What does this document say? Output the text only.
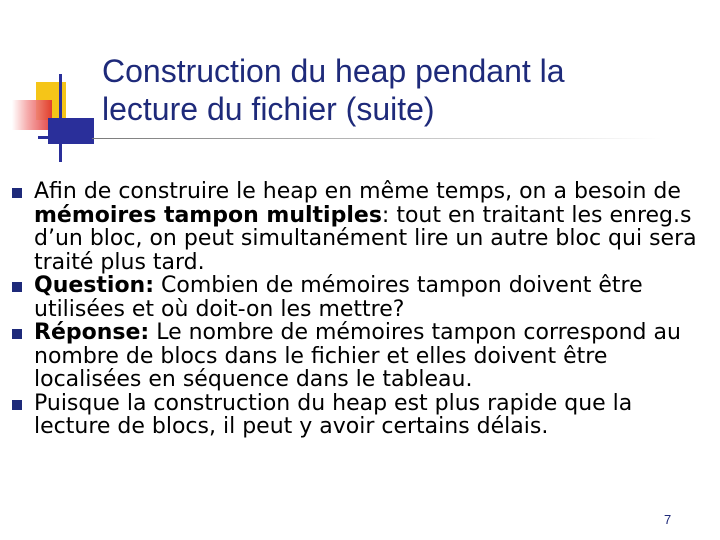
Construction du heap pendant la
lecture du fichier (suite)
Afin de construire le heap en même temps, on a besoin de mémoires tampon multiples: tout en traitant les enreg.s d’un bloc, on peut simultanément lire un autre bloc qui sera traité plus tard.
Question: Combien de mémoires tampon doivent être utilisées et où doit-on les mettre?
Réponse: Le nombre de mémoires tampon correspond au nombre de blocs dans le fichier et elles doivent être localisées en séquence dans le tableau.
Puisque la construction du heap est plus rapide que la lecture de blocs, il peut y avoir certains délais.
7
